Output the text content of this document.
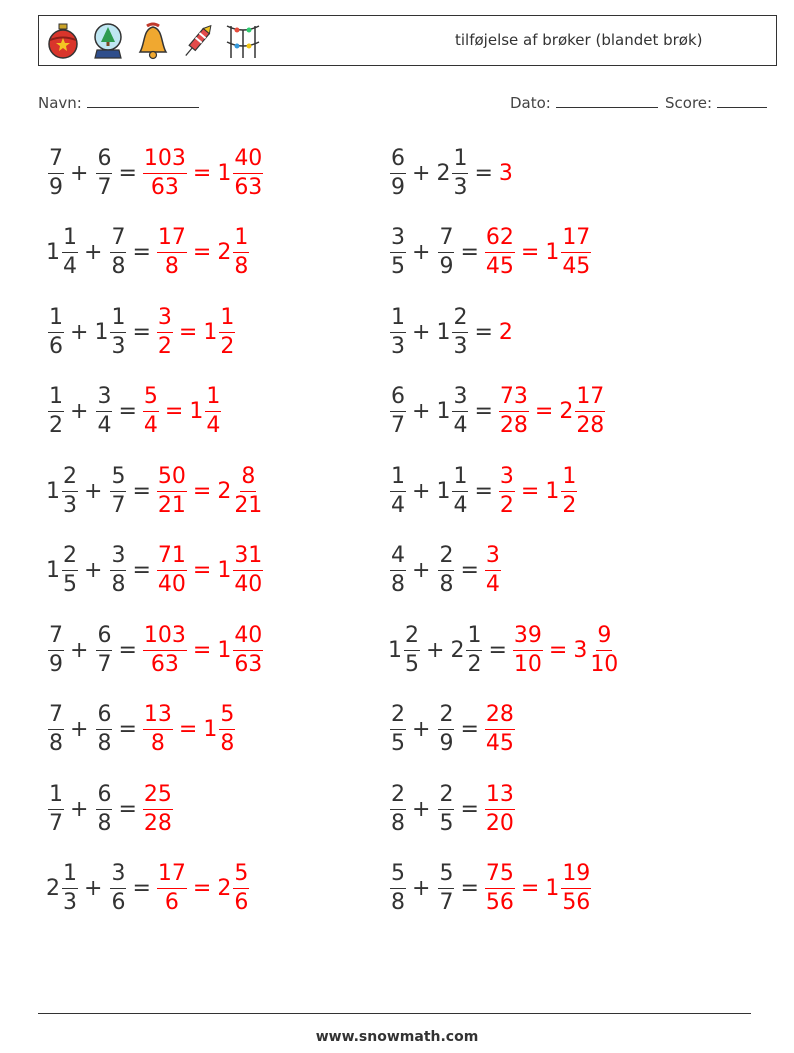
tilføjelse af brøker (blandet brøk)
Navn:	Dato:	Score:
$\frac{7}{9} + \frac{6}{7} = \frac{103}{63} = 1 \frac{40}{63}$
$1 \frac{1}{4} + \frac{7}{8} = \frac{17}{8} = 2 \frac{1}{8}$
$\frac{1}{6} + 1 \frac{1}{3} = \frac{3}{2} = 1 \frac{1}{2}$
$\frac{1}{2} + \frac{3}{4} = \frac{5}{4} = 1 \frac{1}{4}$
$1 \frac{2}{3} + \frac{5}{7} = \frac{50}{21} = 2 \frac{8}{21}$
$1 \frac{2}{5} + \frac{3}{8} = \frac{71}{40} = 1 \frac{31}{40}$
$\frac{7}{9} + \frac{6}{7} = \frac{103}{63} = 1 \frac{40}{63}$
$\frac{7}{8} + \frac{6}{8} = \frac{13}{8} = 1 \frac{5}{8}$
$\frac{1}{7} + \frac{6}{8} = \frac{25}{28}$
$2 \frac{1}{3} + \frac{3}{6} = \frac{17}{6} = 2 \frac{5}{6}$
$\frac{6}{9} + 2 \frac{1}{3} = 3$
$\frac{3}{5} + \frac{7}{9} = \frac{62}{45} = 1 \frac{17}{45}$
$\frac{1}{3} + 1 \frac{2}{3} = 2$
$\frac{6}{7} + 1 \frac{3}{4} = \frac{73}{28} = 2 \frac{17}{28}$
$\frac{1}{4} + 1 \frac{1}{4} = \frac{3}{2} = 1 \frac{1}{2}$
$\frac{4}{8} + \frac{2}{8} = \frac{3}{4}$
$1 \frac{2}{5} + 2 \frac{1}{2} = \frac{39}{10} = 3 \frac{9}{10}$
$\frac{2}{5} + \frac{2}{9} = \frac{28}{45}$
$\frac{2}{8} + \frac{2}{5} = \frac{13}{20}$
$\frac{5}{8} + \frac{5}{7} = \frac{75}{56} = 1 \frac{19}{56}$
www.snowmath.com
